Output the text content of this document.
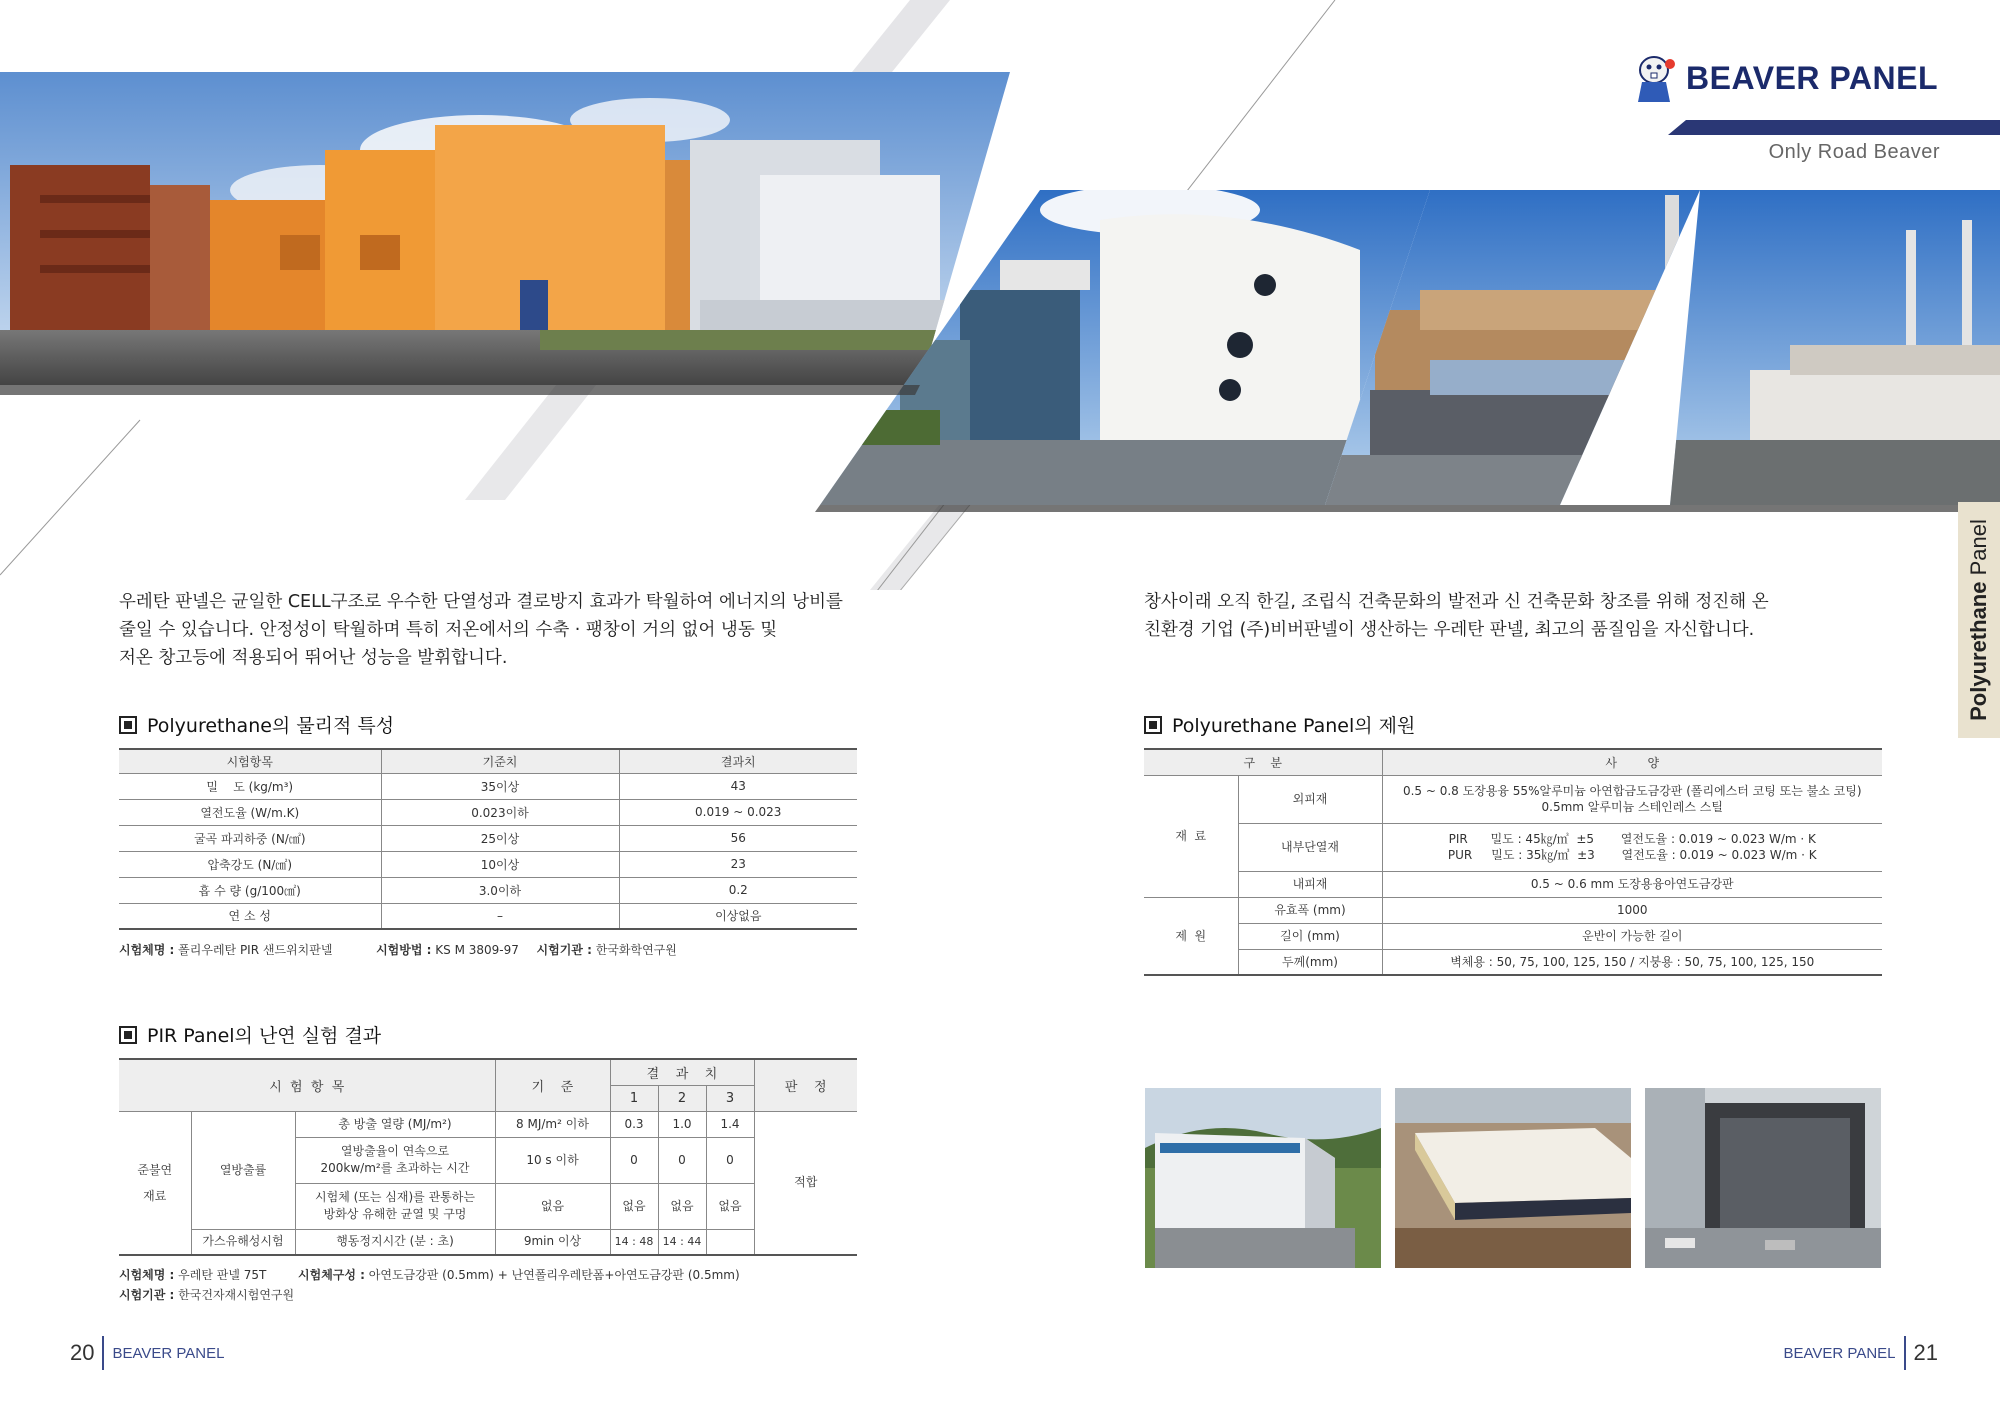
BEAVER PANEL
Only Road Beaver
Polyurethane Panel

우레탄 판넬은 균일한 CELL구조로 우수한 단열성과 결로방지 효과가 탁월하여 에너지의 낭비를

줄일 수 있습니다. 안정성이 탁월하며 특히 저온에서의 수축 · 팽창이 거의 없어 냉동 및

저온 창고등에 적용되어 뛰어난 성능을 발휘합니다.

창사이래 오직 한길, 조립식 건축문화의 발전과 신 건축문화 창조를 위해 정진해 온

친환경 기업 (주)비버판넬이 생산하는 우레탄 판넬, 최고의 품질임을 자신합니다.

Polyurethane의 물리적 특성
시험항목	기준치	결과치
밀    도 (kg/m³)	35이상	43
열전도율 (W/m.K)	0.023이하	0.019 ~ 0.023
굴곡 파괴하중 (N/㎠)	25이상	56
압축강도 (N/㎠)	10이상	23
흡 수 량 (g/100㎠)	3.0이하	0.2
연 소 성	–	이상없음
시험체명 : 폴리우레탄 PIR 샌드위치판넬	시험방법 : KS M 3809-97 시험기관 : 한국화학연구원
Polyurethane Panel의 제원
구    분		사        양
재  료	외피재	0.5 ~ 0.8 도장용융 55%알루미늄 아연합금도금강판 (폴리에스터 코팅 또는 불소 코팅)
0.5mm 알루미늄 스테인레스 스틸

	내부단열재	PIR      밀도 : 45㎏/㎥  ±5       열전도율 : 0.019 ~ 0.023 W/m · K
PUR     밀도 : 35㎏/㎥  ±3       열전도율 : 0.019 ~ 0.023 W/m · K

	내피재	0.5 ~ 0.6 mm 도장용융아연도금강판
제  원	유효폭 (mm)	1000
	길이 (mm)	운반이 가능한 길이
	두께(mm)	벽체용 : 50, 75, 100, 125, 150 / 지붕용 : 50, 75, 100, 125, 150
PIR Panel의 난연 실험 결과
시  험  항  목			기    준	결    과    치			판    정
				1	2	3	
준불연
재료	열방출률	총 방출 열량 (MJ/m²)	8 MJ/m² 이하	0.3	1.0	1.4	적합
		열방출율이 연속으로
200kw/m²를 초과하는 시간	10 s 이하	0	0	0	
		시험체 (또는 심재)를 관통하는
방화상 유해한 균열 및 구멍	없음	없음	없음	없음	
	가스유해성시험	행동정지시간 (분 : 초)	9min 이상	14 : 48	14 : 44		
시험체명 : 우레탄 판넬 75T	시험체구성 : 아연도금강판 (0.5mm) + 난연폴리우레탄폼+아연도금강판 (0.5mm)
시험기관 : 한국건자재시험연구원
20 BEAVER PANEL	BEAVER PANEL 21
